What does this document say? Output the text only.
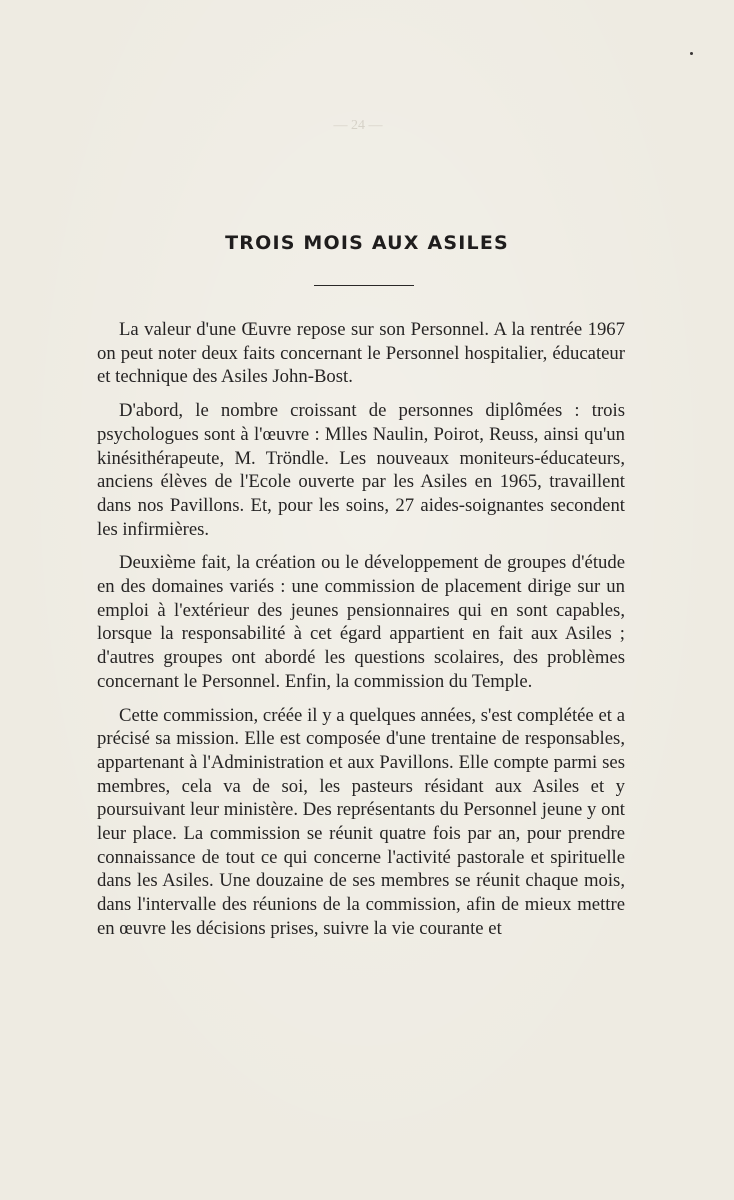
— 24 —
TROIS MOIS AUX ASILES

La valeur d'une Œuvre repose sur son Personnel. A la rentrée 1967 on peut noter deux faits concernant le Personnel hospitalier, éducateur et technique des Asiles John-Bost.

D'abord, le nombre croissant de personnes diplômées : trois psychologues sont à l'œuvre : Mlles Naulin, Poirot, Reuss, ainsi qu'un kinésithérapeute, M. Tröndle. Les nouveaux moniteurs-éducateurs, anciens élèves de l'Ecole ouverte par les Asiles en 1965, travaillent dans nos Pavillons. Et, pour les soins, 27 aides-soignantes secondent les infirmières.

Deuxième fait, la création ou le développement de groupes d'étude en des domaines variés : une commission de placement dirige sur un emploi à l'extérieur des jeunes pensionnaires qui en sont capables, lorsque la responsabilité à cet égard appartient en fait aux Asiles ; d'autres groupes ont abordé les questions scolaires, des problèmes concernant le Personnel. Enfin, la commission du Temple.

Cette commission, créée il y a quelques années, s'est complétée et a précisé sa mission. Elle est composée d'une trentaine de responsables, appartenant à l'Administration et aux Pavillons. Elle compte parmi ses membres, cela va de soi, les pasteurs résidant aux Asiles et y poursuivant leur ministère. Des représentants du Personnel jeune y ont leur place. La commission se réunit quatre fois par an, pour prendre connaissance de tout ce qui concerne l'activité pastorale et spirituelle dans les Asiles. Une douzaine de ses membres se réunit chaque mois, dans l'intervalle des réunions de la commission, afin de mieux mettre en œuvre les décisions prises, suivre la vie courante et
